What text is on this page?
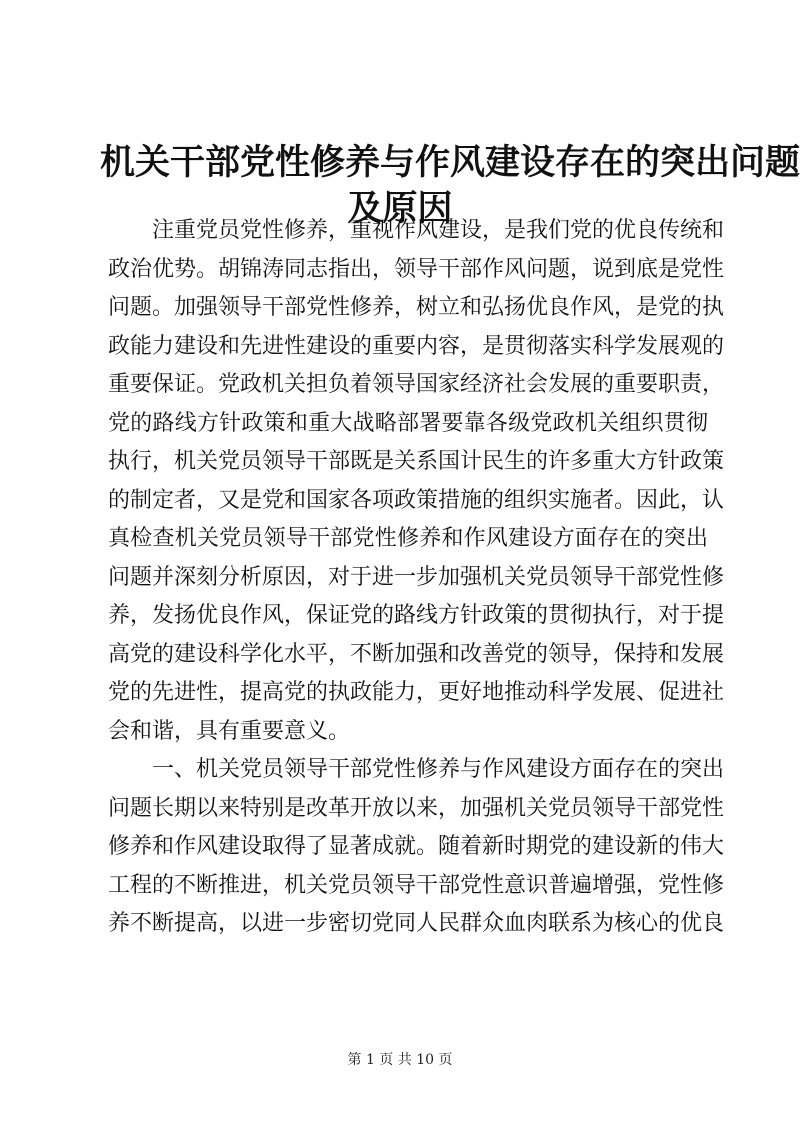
机关干部党性修养与作风建设存在的突出问题
及原因
注重党员党性修养，重视作风建设，是我们党的优良传统和
政治优势。胡锦涛同志指出，领导干部作风问题，说到底是党性
问题。加强领导干部党性修养，树立和弘扬优良作风，是党的执
政能力建设和先进性建设的重要内容，是贯彻落实科学发展观的
重要保证。党政机关担负着领导国家经济社会发展的重要职责，
党的路线方针政策和重大战略部署要靠各级党政机关组织贯彻
执行，机关党员领导干部既是关系国计民生的许多重大方针政策
的制定者，又是党和国家各项政策措施的组织实施者。因此，认
真检查机关党员领导干部党性修养和作风建设方面存在的突出
问题并深刻分析原因，对于进一步加强机关党员领导干部党性修
养，发扬优良作风，保证党的路线方针政策的贯彻执行，对于提
高党的建设科学化水平，不断加强和改善党的领导，保持和发展
党的先进性，提高党的执政能力，更好地推动科学发展、促进社
会和谐，具有重要意义。
一、机关党员领导干部党性修养与作风建设方面存在的突出
问题长期以来特别是改革开放以来，加强机关党员领导干部党性
修养和作风建设取得了显著成就。随着新时期党的建设新的伟大
工程的不断推进，机关党员领导干部党性意识普遍增强，党性修
养不断提高，以进一步密切党同人民群众血肉联系为核心的优良
第 1 页 共 10 页
